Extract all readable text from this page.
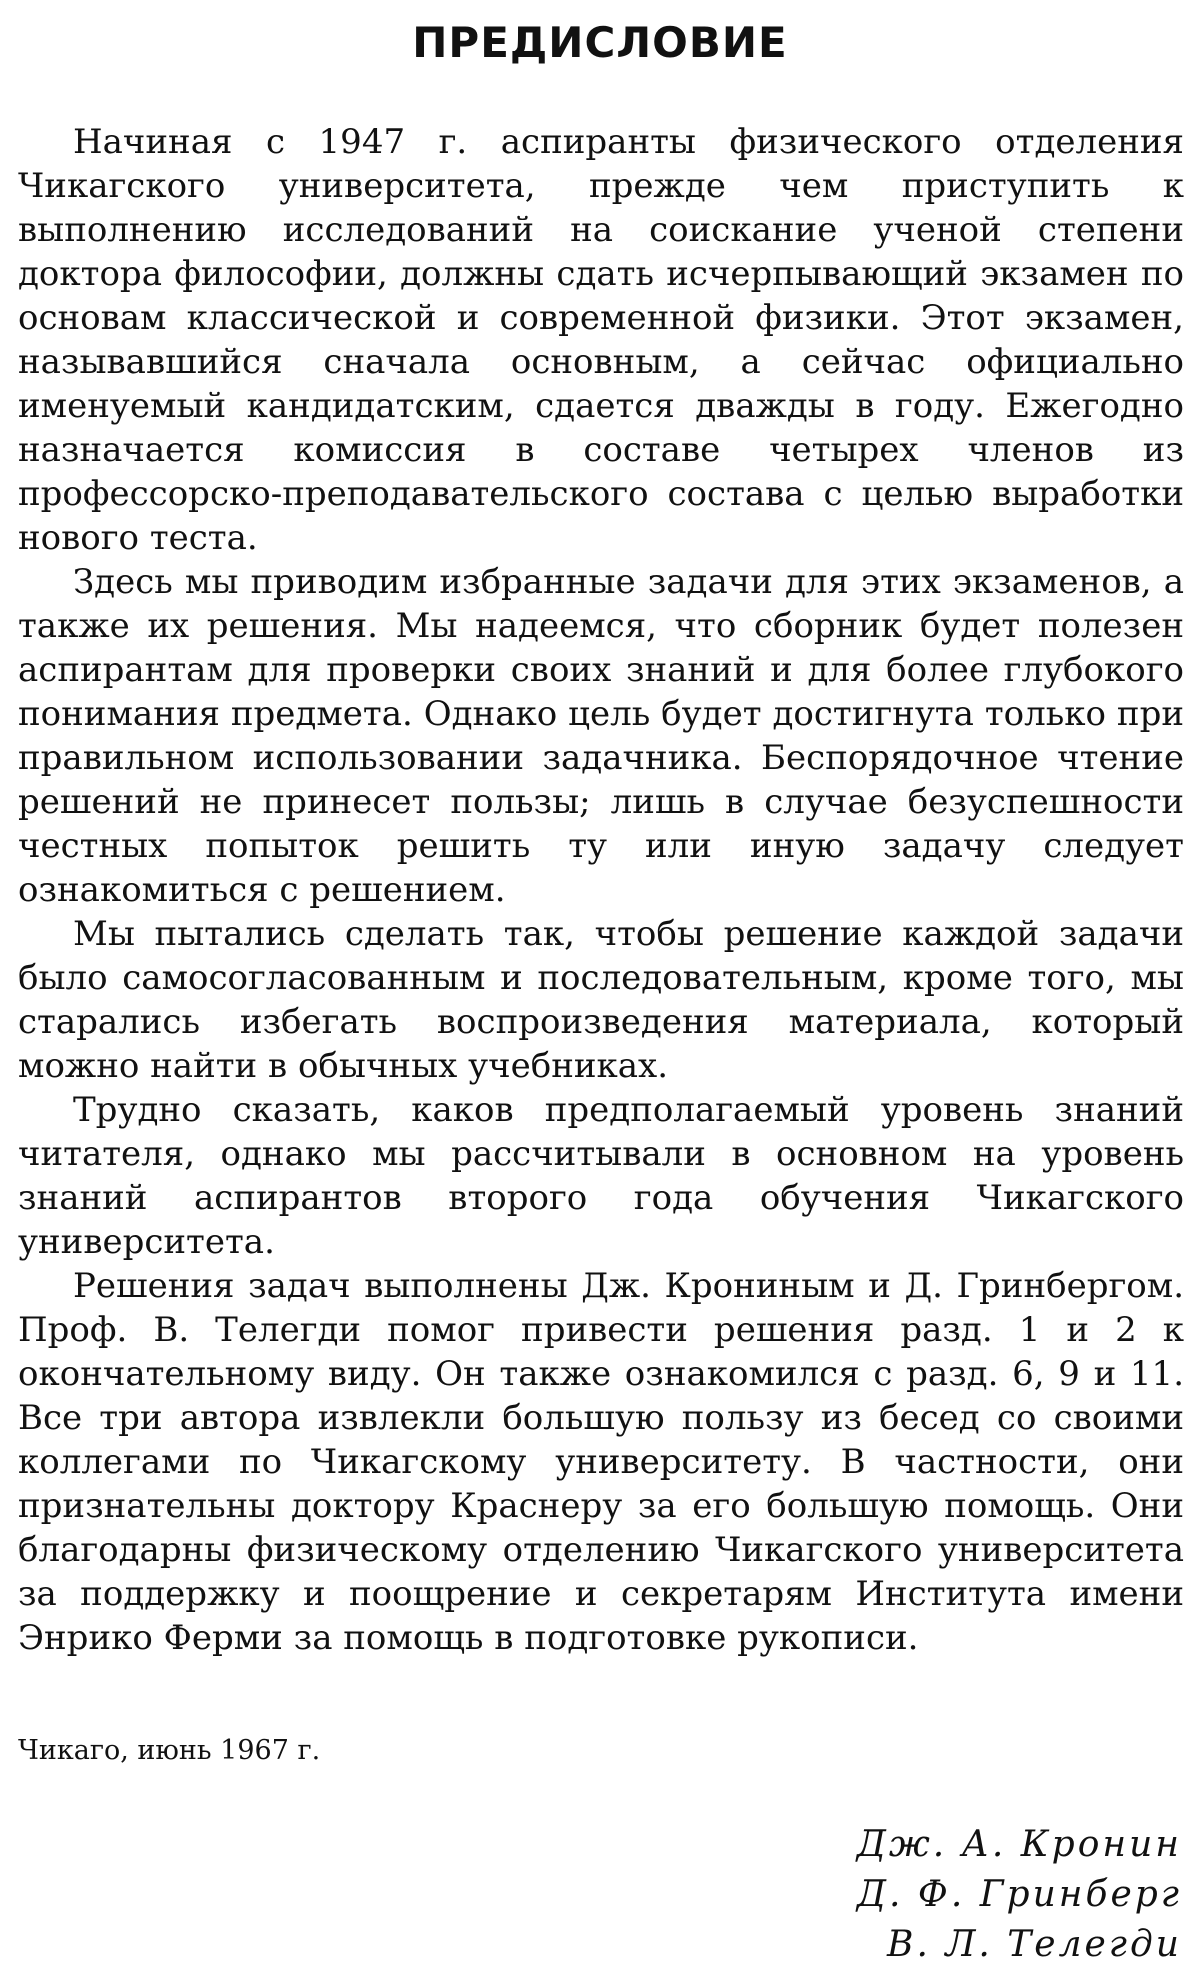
ПРЕДИСЛОВИЕ

Начиная с 1947 г. аспиранты физического отделения Чикагского университета, прежде чем приступить к выполнению исследований на соискание ученой степени доктора философии, должны сдать исчерпывающий экзамен по основам классической и современной физики. Этот экзамен, называвшийся сначала основным, а сейчас официально именуемый кандидатским, сдается дважды в году. Ежегодно назначается комиссия в составе четырех членов из профессорско-преподавательского состава с целью выработки нового теста.

Здесь мы приводим избранные задачи для этих экзаменов, а также их решения. Мы надеемся, что сборник будет полезен аспирантам для проверки своих знаний и для более глубокого понимания предмета. Однако цель будет достигнута только при правильном использовании задачника. Беспорядочное чтение решений не принесет пользы; лишь в случае безуспешности честных попыток решить ту или иную задачу следует ознакомиться с решением.

Мы пытались сделать так, чтобы решение каждой задачи было самосогласованным и последовательным, кроме того, мы старались избегать воспроизведения материала, который можно найти в обычных учебниках.

Трудно сказать, каков предполагаемый уровень знаний читателя, однако мы рассчитывали в основном на уровень знаний аспирантов второго года обучения Чикагского университета.

Решения задач выполнены Дж. Крониным и Д. Гринбергом. Проф. В. Телегди помог привести решения разд. 1 и 2 к окончательному виду. Он также ознакомился с разд. 6, 9 и 11. Все три автора извлекли большую пользу из бесед со своими коллегами по Чикагскому университету. В частности, они признательны доктору Краснеру за его большую помощь. Они благодарны физическому отделению Чикагского университета за поддержку и поощрение и секретарям Института имени Энрико Ферми за помощь в подготовке рукописи.

Чикаго, июнь 1967 г.

Дж. А. Кронин
Д. Ф. Гринберг
В. Л. Телегди
